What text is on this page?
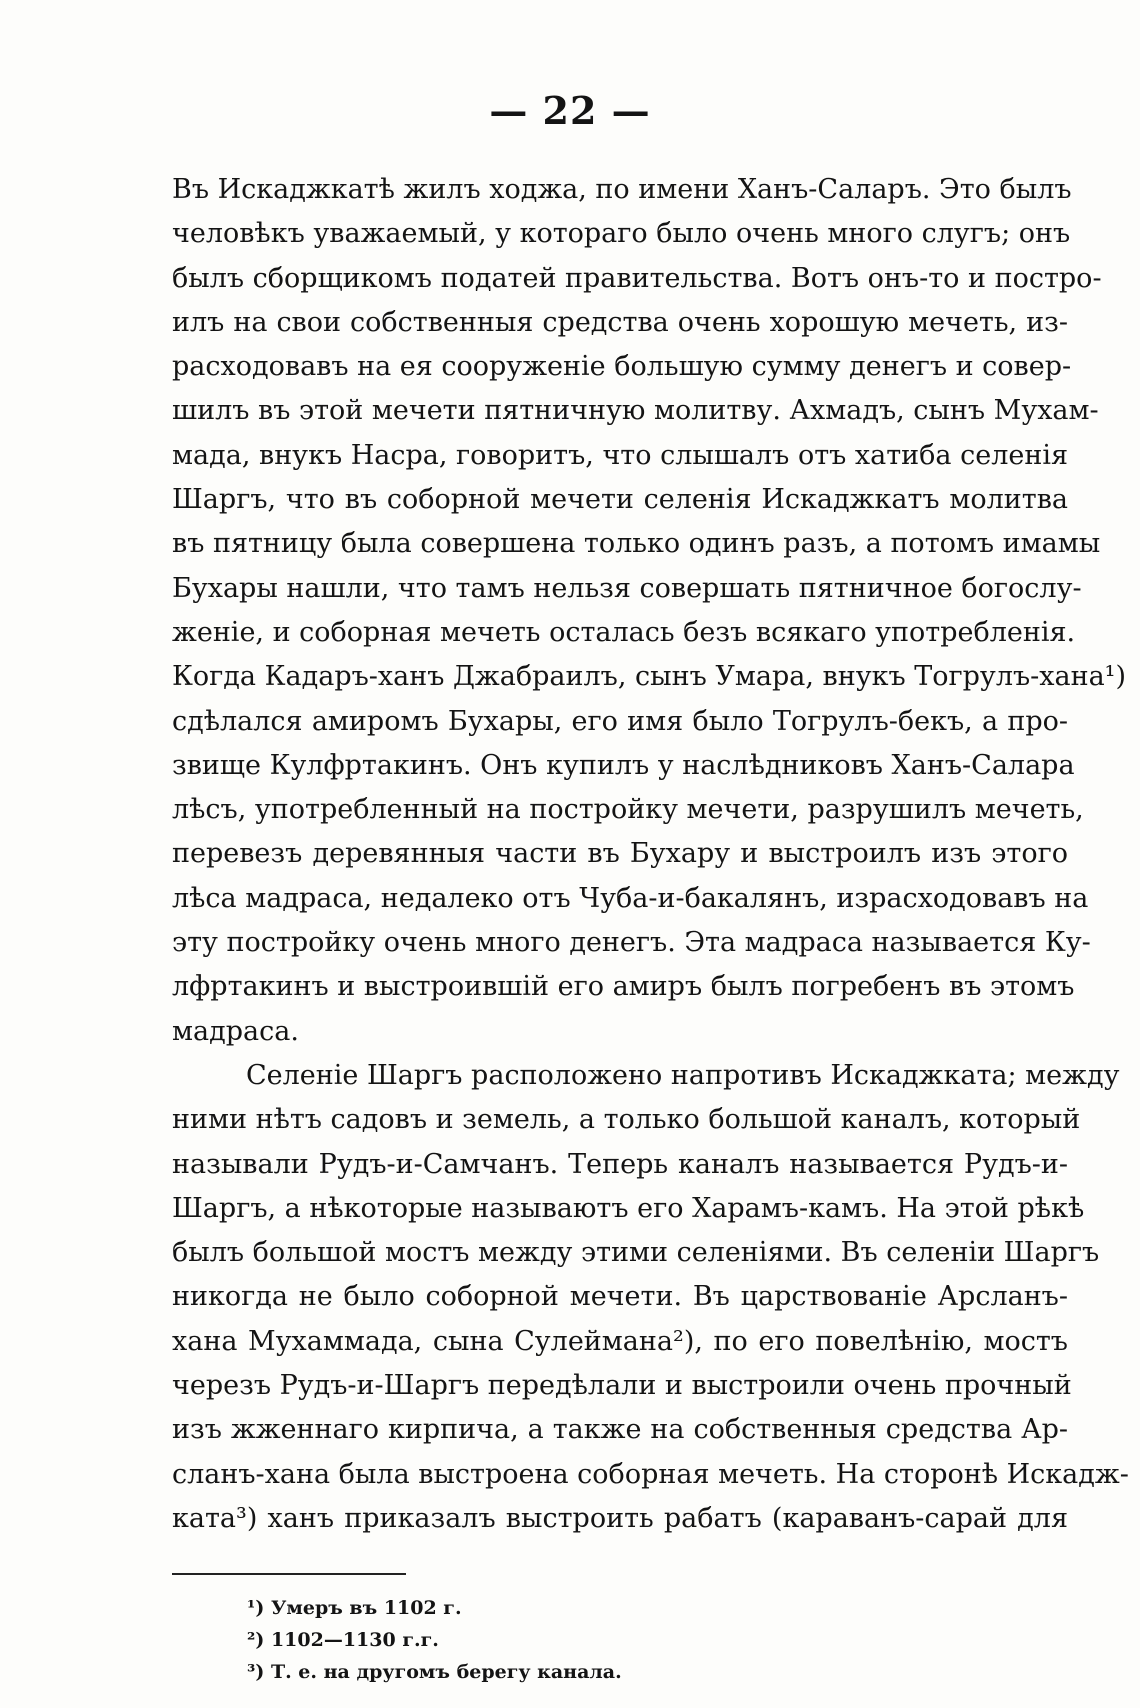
— 22 —

Въ Искаджкатѣ жилъ ходжа, по имени Ханъ-Саларъ. Это былъ
человѣкъ уважаемый, у котораго было очень много слугъ; онъ
былъ сборщикомъ податей правительства. Вотъ онъ-то и постро-
илъ на свои собственныя средства очень хорошую мечеть, из-
расходовавъ на ея сооруженіе большую сумму денегъ и совер-
шилъ въ этой мечети пятничную молитву. Ахмадъ, сынъ Мухам-
мада, внукъ Насра, говоритъ, что слышалъ отъ хатиба селенія
Шаргъ, что въ соборной мечети селенія Искаджкатъ молитва
въ пятницу была совершена только одинъ разъ, а потомъ имамы
Бухары нашли, что тамъ нельзя совершать пятничное богослу-
женіе, и соборная мечеть осталась безъ всякаго употребленія.
Когда Кадаръ-ханъ Джабраилъ, сынъ Умара, внукъ Тогрулъ-хана¹)
сдѣлался амиромъ Бухары, его имя было Тогрулъ-бекъ, а про-
звище Кулфртакинъ. Онъ купилъ у наслѣдниковъ Ханъ-Салара
лѣсъ, употребленный на постройку мечети, разрушилъ мечеть,
перевезъ деревянныя части въ Бухару и выстроилъ изъ этого
лѣса мадраса, недалеко отъ Чуба-и-бакалянъ, израсходовавъ на
эту постройку очень много денегъ. Эта мадраса называется Ку-
лфртакинъ и выстроившій его амиръ былъ погребенъ въ этомъ
мадраса.

Селеніе Шаргъ расположено напротивъ Искаджката; между
ними нѣтъ садовъ и земель, а только большой каналъ, который
называли Рудъ-и-Самчанъ. Теперь каналъ называется Рудъ-и-
Шаргъ, а нѣкоторые называютъ его Харамъ-камъ. На этой рѣкѣ
былъ большой мостъ между этими селеніями. Въ селеніи Шаргъ
никогда не было соборной мечети. Въ царствованіе Арсланъ-
хана Мухаммада, сына Сулеймана²), по его повелѣнію, мостъ
черезъ Рудъ-и-Шаргъ передѣлали и выстроили очень прочный
изъ жженнаго кирпича, а также на собственныя средства Ар-
сланъ-хана была выстроена соборная мечеть. На сторонѣ Искадж-
ката³) ханъ приказалъ выстроить рабатъ (караванъ-сарай для

¹) Умеръ въ 1102 г.
²) 1102—1130 г.г.
³) Т. е. на другомъ берегу канала.
